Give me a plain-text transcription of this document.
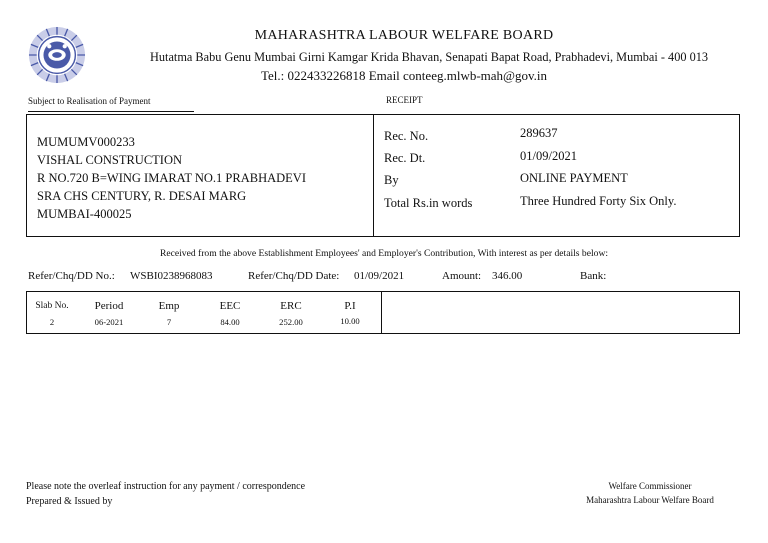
MAHARASHTRA LABOUR WELFARE BOARD
Hutatma Babu Genu Mumbai Girni Kamgar Krida Bhavan, Senapati Bapat Road, Prabhadevi, Mumbai - 400 013
Tel.: 022433226818 Email conteeg.mlwb-mah@gov.in
Subject to Realisation of Payment	RECEIPT
MUMUMV000233
VISHAL CONSTRUCTION
R NO.720 B=WING IMARAT NO.1 PRABHADEVI
SRA CHS CENTURY, R. DESAI MARG
MUMBAI-400025
Rec. No.	289637
Rec. Dt.	01/09/2021
By	ONLINE PAYMENT
Total Rs.in words	Three Hundred Forty Six Only.
Received from the above Establishment Employees' and Employer's Contribution, With interest as per details below:
Refer/Chq/DD No.: WSBI0238968083	Refer/Chq/DD Date: 01/09/2021	Amount: 346.00	Bank:
Slab No.	Period	Emp	EEC	ERC	P.I
2	06-2021	7	84.00	252.00	10.00
Please note the overleaf instruction for any payment / correspondence
Prepared & Issued by
Welfare Commissioner
Maharashtra Labour Welfare Board
